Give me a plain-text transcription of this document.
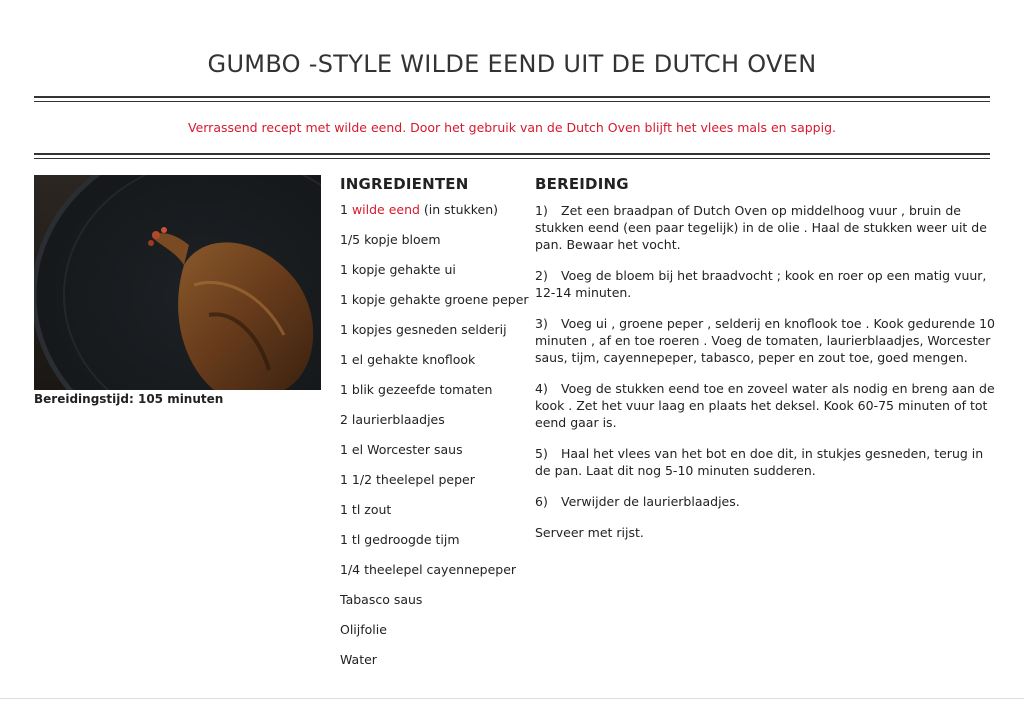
GUMBO -STYLE WILDE EEND UIT DE DUTCH OVEN

Verrassend recept met wilde eend. Door het gebruik van de Dutch Oven blijft het vlees mals en sappig.

Bereidingstijd: 105 minuten

INGREDIENTEN
1 wilde eend (in stukken)
1/5 kopje bloem
1 kopje gehakte ui
1 kopje gehakte groene peper
1 kopjes gesneden selderij
1 el gehakte knoflook
1 blik gezeefde tomaten
2 laurierblaadjes
1 el Worcester saus
1 1/2 theelepel peper
1 tl zout
1 tl gedroogde tijm
1/4 theelepel cayennepeper
Tabasco saus
Olijfolie
Water
BEREIDING

1) Zet een braadpan of Dutch Oven op middelhoog vuur , bruin de stukken eend (een paar tegelijk) in de olie . Haal de stukken weer uit de pan. Bewaar het vocht.

2) Voeg de bloem bij het braadvocht ; kook en roer op een matig vuur, 12-14 minuten.

3) Voeg ui , groene peper , selderij en knoflook toe . Kook gedurende 10 minuten , af en toe roeren . Voeg de tomaten, laurierblaadjes, Worcester saus, tijm, cayennepeper, tabasco, peper en zout toe, goed mengen.

4) Voeg de stukken eend toe en zoveel water als nodig en breng aan de kook . Zet het vuur laag en plaats het deksel. Kook 60-75 minuten of tot eend gaar is.

5) Haal het vlees van het bot en doe dit, in stukjes gesneden, terug in de pan. Laat dit nog 5-10 minuten sudderen.

6) Verwijder de laurierblaadjes.

Serveer met rijst.
